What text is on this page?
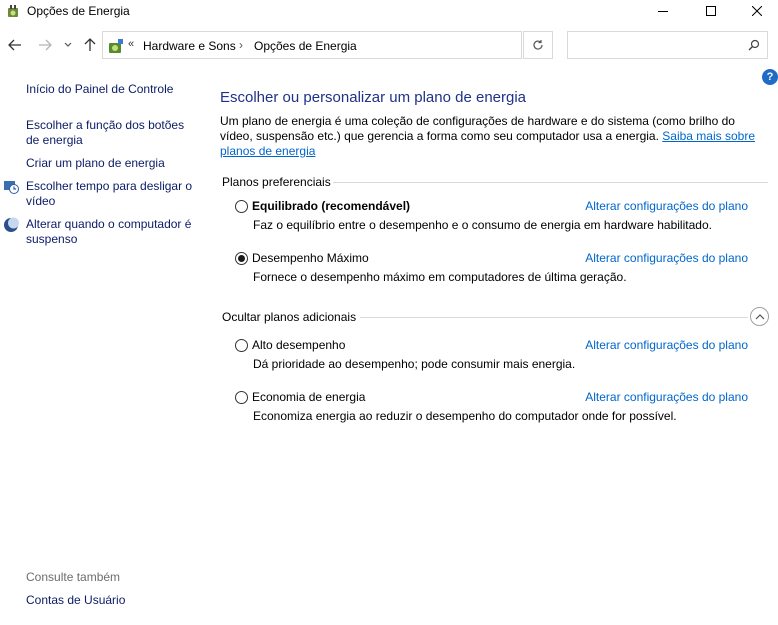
Opções de Energia
« Hardware e Sons › Opções de Energia
?
Início do Painel de Controle
Escolher a função dos botões de energia
Criar um plano de energia
Escolher tempo para desligar o vídeo
Alterar quando o computador é suspenso
Consulte também
Contas de Usuário
Escolher ou personalizar um plano de energia
Um plano de energia é uma coleção de configurações de hardware e do sistema (como brilho do vídeo, suspensão etc.) que gerencia a forma como seu computador usa a energia. Saiba mais sobre planos de energia
Planos preferenciais
Equilibrado (recomendável)	Alterar configurações do plano
Faz o equilíbrio entre o desempenho e o consumo de energia em hardware habilitado.
Desempenho Máximo	Alterar configurações do plano
Fornece o desempenho máximo em computadores de última geração.
Ocultar planos adicionais
Alto desempenho	Alterar configurações do plano
Dá prioridade ao desempenho; pode consumir mais energia.
Economia de energia	Alterar configurações do plano
Economiza energia ao reduzir o desempenho do computador onde for possível.
